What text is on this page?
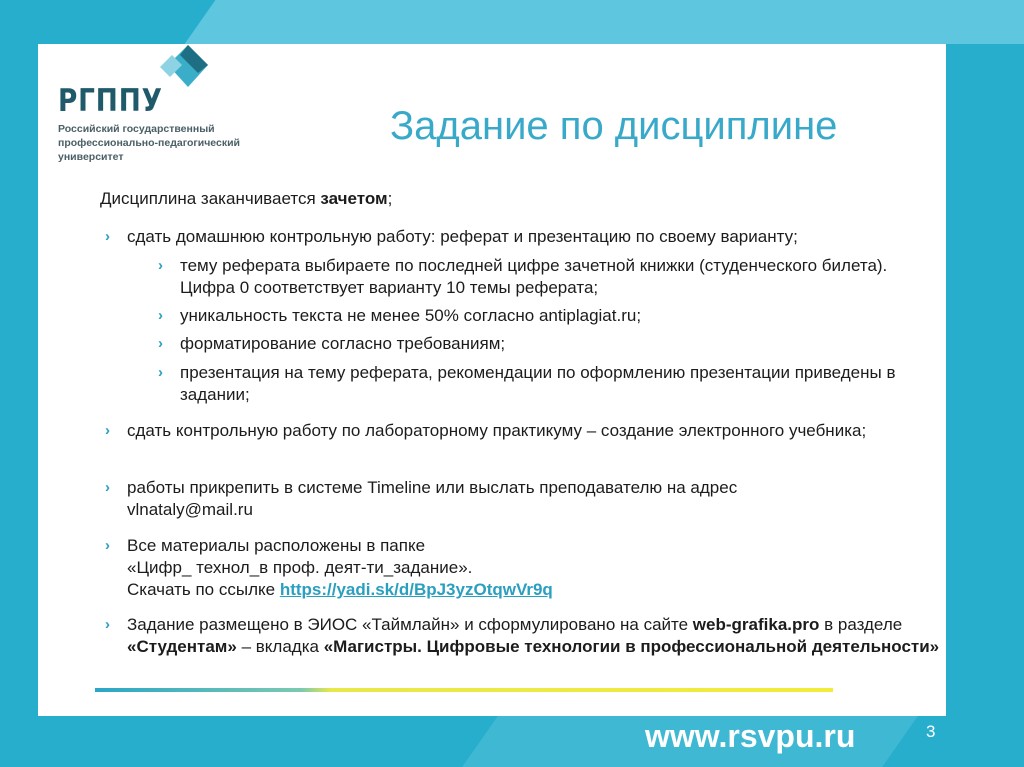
РГППУ
Российский государственный профессионально-педагогический университет
Задание по дисциплине
Дисциплина заканчивается зачетом;
› сдать домашнюю контрольную работу: реферат и презентацию по своему варианту;
› тему реферата выбираете по последней цифре зачетной книжки (студенческого билета). Цифра 0 соответствует варианту 10 темы реферата;
› уникальность текста не менее 50% согласно antiplagiat.ru;
› форматирование согласно требованиям;
› презентация на тему реферата, рекомендации по оформлению презентации приведены в задании;
› сдать контрольную работу по лабораторному практикуму – создание электронного учебника;
› работы прикрепить в системе Timeline или выслать преподавателю на адрес vlnataly@mail.ru
› Все материалы расположены в папке
«Цифр_ технол_в проф. деят-ти_задание».
Скачать по ссылке https://yadi.sk/d/BpJ3yzOtqwVr9q
› Задание размещено в ЭИОС «Таймлайн» и сформулировано на сайте web-grafika.pro в разделе «Студентам» – вкладка «Магистры. Цифровые технологии в профессиональной деятельности»
www.rsvpu.ru	3
